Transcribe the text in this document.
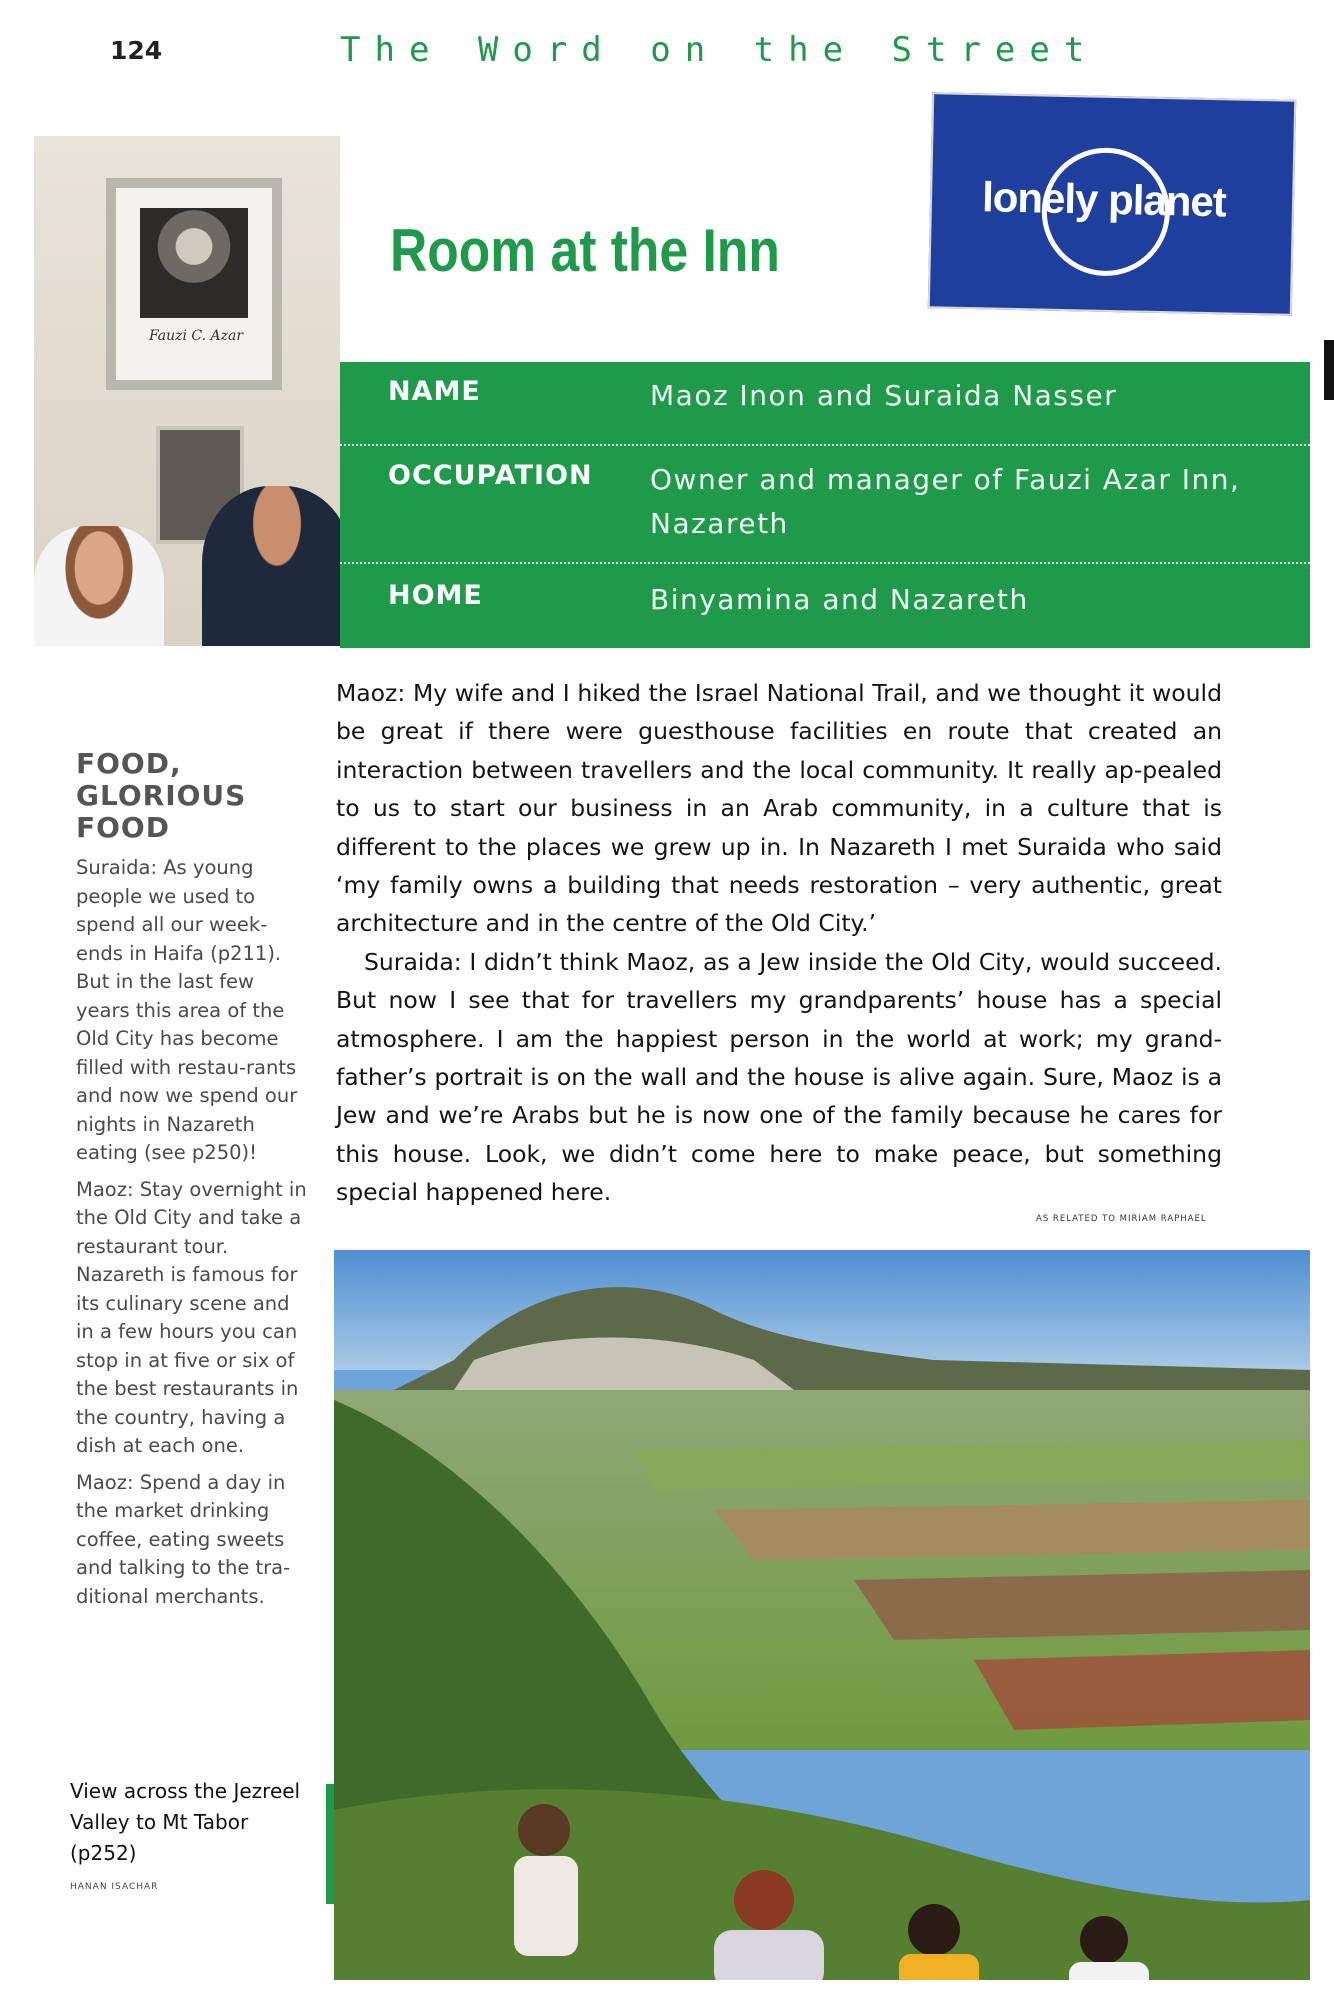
124	The Word on the Street
Fauzi C. Azar
Room at the Inn
lonely planet
NAME	Maoz Inon and Suraida Nasser
OCCUPATION Owner and manager of Fauzi Azar Inn, Nazareth
HOME	Binyamina and Nazareth
FOOD,
GLORIOUS
FOOD

Suraida: As young people we used to spend all our week-ends in Haifa (p211). But in the last few years this area of the Old City has become filled with restau-rants and now we spend our nights in Nazareth eating (see p250)!

Maoz: Stay overnight in the Old City and take a restaurant tour. Nazareth is famous for its culinary scene and in a few hours you can stop in at five or six of the best restaurants in the country, having a dish at each one.

Maoz: Spend a day in the market drinking coffee, eating sweets and talking to the tra-ditional merchants.

Maoz: My wife and I hiked the Israel National Trail, and we thought it would be great if there were guesthouse facilities en route that created an interaction between travellers and the local community. It really ap-pealed to us to start our business in an Arab community, in a culture that is different to the places we grew up in. In Nazareth I met Suraida who said ‘my family owns a building that needs restoration – very authentic, great architecture and in the centre of the Old City.’

Suraida: I didn’t think Maoz, as a Jew inside the Old City, would succeed. But now I see that for travellers my grandparents’ house has a special atmosphere. I am the happiest person in the world at work; my grand-father’s portrait is on the wall and the house is alive again. Sure, Maoz is a Jew and we’re Arabs but he is now one of the family because he cares for this house. Look, we didn’t come here to make peace, but something special happened here.

AS RELATED TO MIRIAM RAPHAEL
View across the Jezreel Valley to Mt Tabor (p252)
HANAN ISACHAR
